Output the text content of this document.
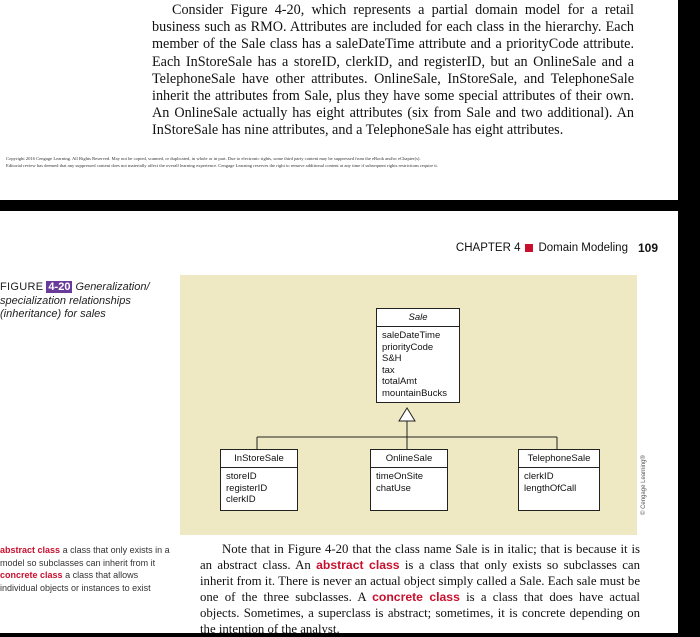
Consider Figure 4-20, which represents a partial domain model for a retail business such as RMO. Attributes are included for each class in the hierarchy. Each member of the Sale class has a saleDateTime attribute and a priorityCode attribute. Each InStoreSale has a storeID, clerkID, and registerID, but an OnlineSale and a TelephoneSale have other attributes. OnlineSale, InStoreSale, and TelephoneSale inherit the attributes from Sale, plus they have some special attributes of their own. An OnlineSale actually has eight attributes (six from Sale and two additional). An InStoreSale has nine attributes, and a TelephoneSale has eight attributes.
Copyright 2016 Cengage Learning. All Rights Reserved. May not be copied, scanned, or duplicated, in whole or in part. Due to electronic rights, some third party content may be suppressed from the eBook and/or eChapter(s).
Editorial review has deemed that any suppressed content does not materially affect the overall learning experience. Cengage Learning reserves the right to remove additional content at any time if subsequent rights restrictions require it.
CHAPTER 4 Domain Modeling 109
FIGURE 4-20 Generalization/ specialization relationships (inheritance) for sales	Sale
saleDateTime
priorityCode
S&H
tax
totalAmt
mountainBucks
InStoreSale
storeID
registerID
clerkID
OnlineSale
timeOnSite
chatUse
TelephoneSale
clerkID
lengthOfCall	© Cengage Learning®
abstract class a class that only exists in a model so subclasses can inherit from it
concrete class a class that allows individual objects or instances to exist
Note that in Figure 4-20 that the class name Sale is in italic; that is because it is an abstract class. An abstract class is a class that only exists so subclasses can inherit from it. There is never an actual object simply called a Sale. Each sale must be one of the three subclasses. A concrete class is a class that does have actual objects. Sometimes, a superclass is abstract; sometimes, it is concrete depending on the intention of the analyst.
